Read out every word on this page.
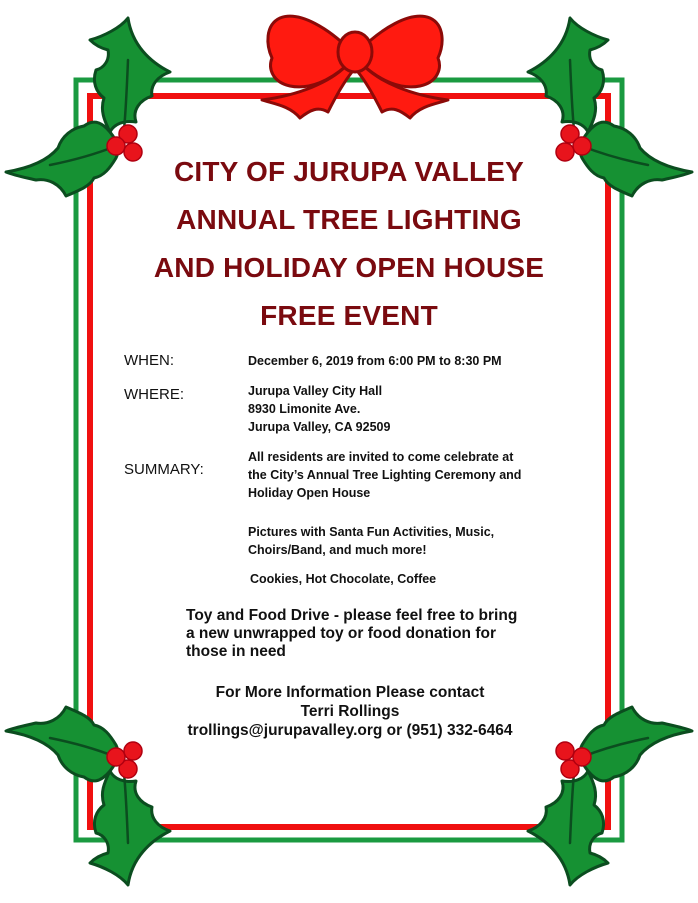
CITY OF JURUPA VALLEY
ANNUAL TREE LIGHTING
AND HOLIDAY OPEN HOUSE
FREE EVENT
WHEN:	December 6, 2019 from 6:00 PM to 8:30 PM
WHERE:	Jurupa Valley City Hall
8930 Limonite Ave.
Jurupa Valley, CA 92509
SUMMARY:
All residents are invited to come celebrate at
the City’s Annual Tree Lighting Ceremony and
Holiday Open House
Pictures with Santa Fun Activities, Music,
Choirs/Band, and much more!
Cookies, Hot Chocolate, Coffee
Toy and Food Drive - please feel free to bring
a new unwrapped toy or food donation for
those in need
For More Information Please contact
Terri Rollings
trollings@jurupavalley.org or (951) 332-6464
